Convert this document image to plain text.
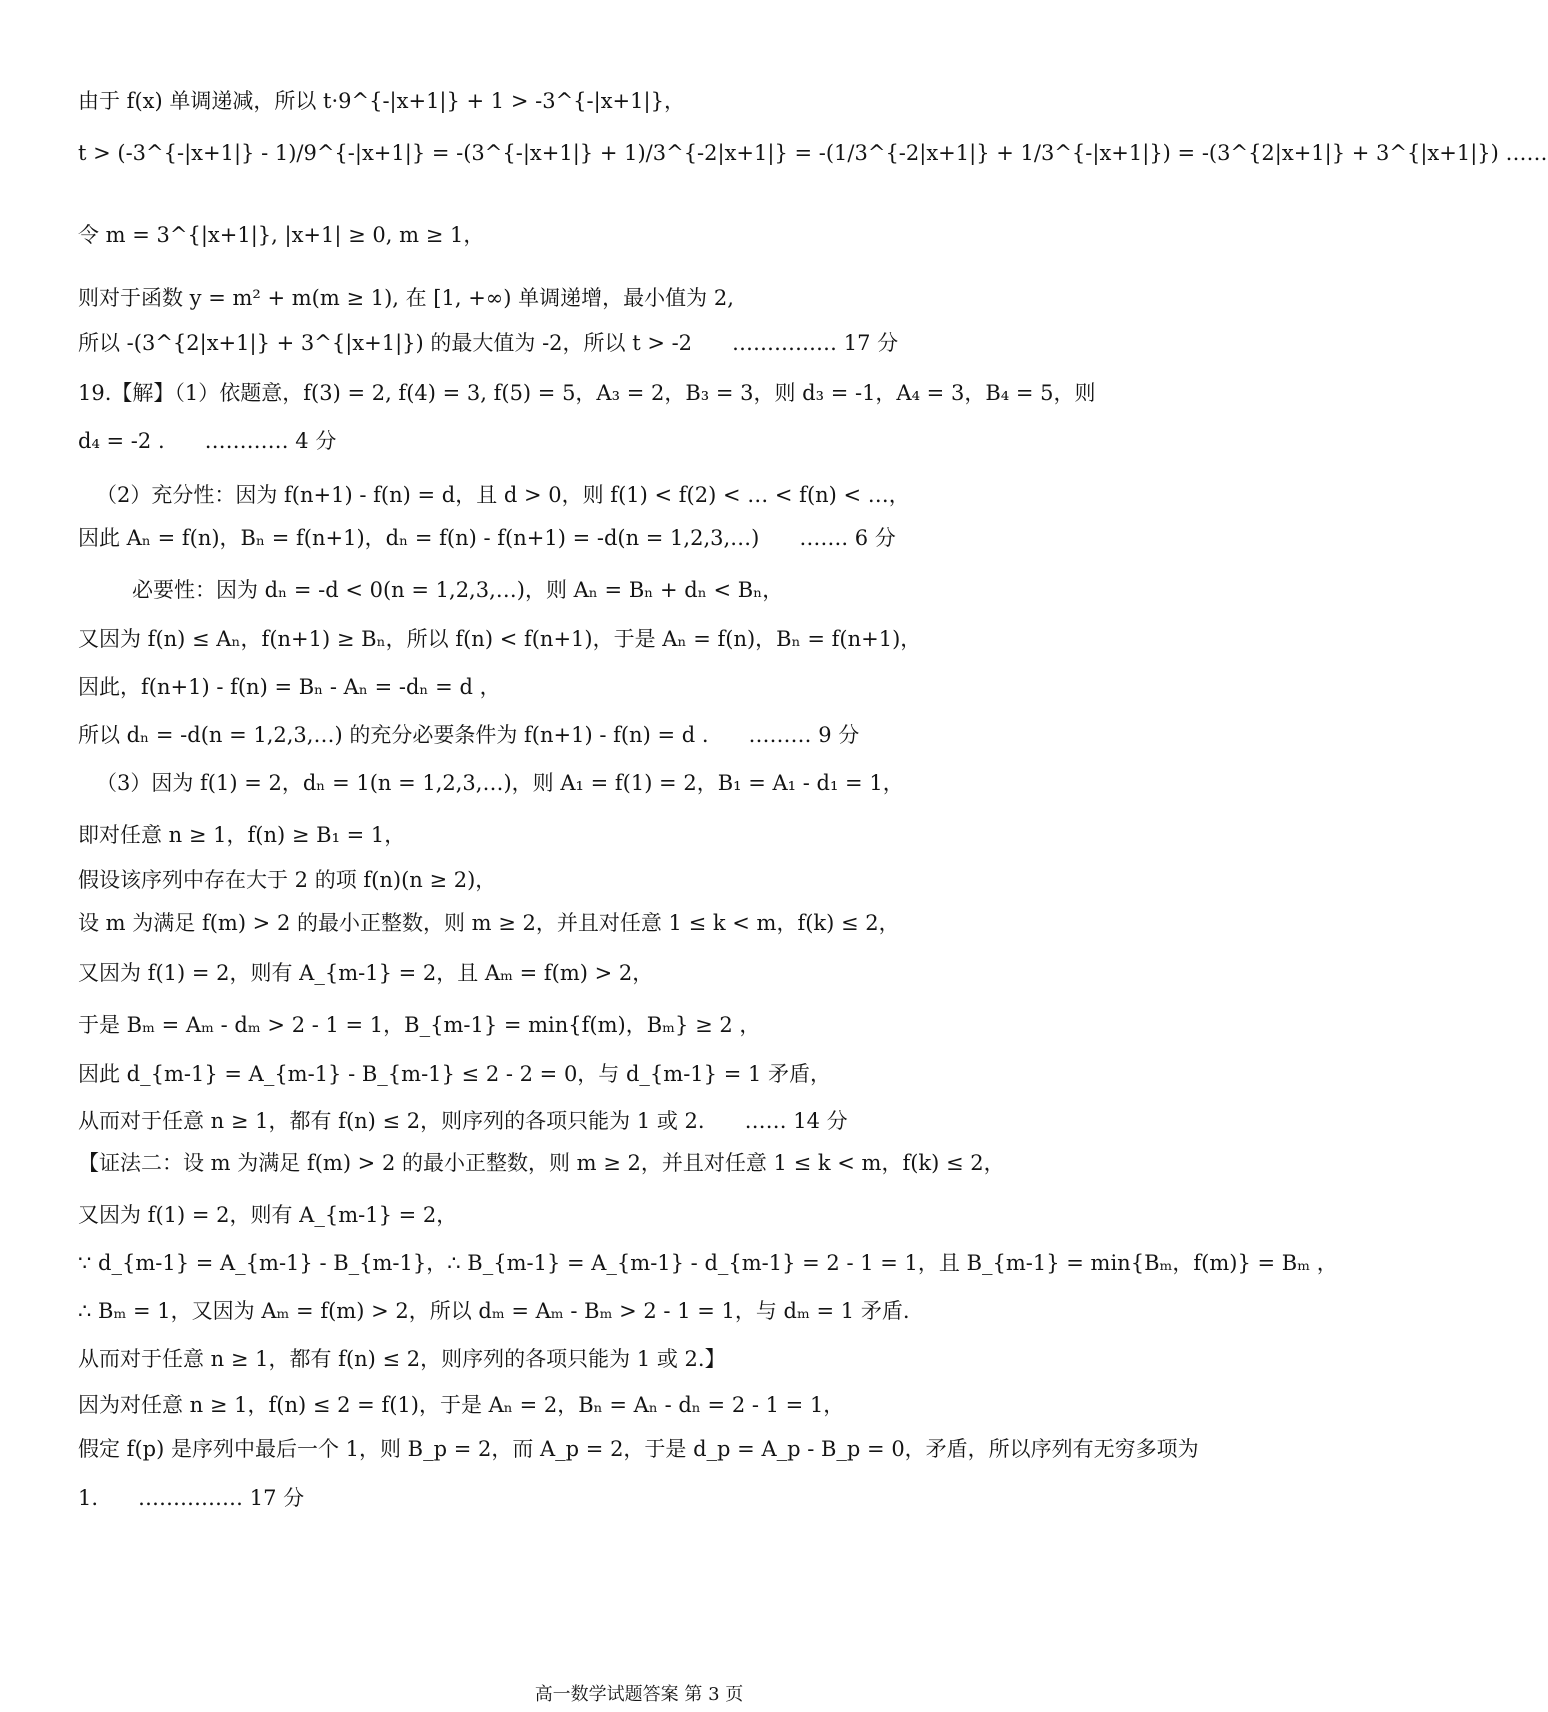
由于 f(x) 单调递减，所以 t·9^{-|x+1|} + 1 > -3^{-|x+1|}，
t > (-3^{-|x+1|} - 1)/9^{-|x+1|} = -(3^{-|x+1|} + 1)/3^{-2|x+1|} = -(1/3^{-2|x+1|} + 1/3^{-|x+1|}) = -(3^{2|x+1|} + 3^{|x+1|}) ……
令 m = 3^{|x+1|}, |x+1| ≥ 0, m ≥ 1，
则对于函数 y = m² + m(m ≥ 1), 在 [1, +∞) 单调递增，最小值为 2,
所以 -(3^{2|x+1|} + 3^{|x+1|}) 的最大值为 -2，所以 t > -2 …………… 17 分
19.【解】（1）依题意，f(3) = 2, f(4) = 3, f(5) = 5，A₃ = 2，B₃ = 3，则 d₃ = -1，A₄ = 3，B₄ = 5，则
d₄ = -2 . ………… 4 分
（2）充分性：因为 f(n+1) - f(n) = d，且 d > 0，则 f(1) < f(2) < … < f(n) < …，
因此 Aₙ = f(n)，Bₙ = f(n+1)，dₙ = f(n) - f(n+1) = -d(n = 1,2,3,…) ……. 6 分
必要性：因为 dₙ = -d < 0(n = 1,2,3,…)，则 Aₙ = Bₙ + dₙ < Bₙ，
又因为 f(n) ≤ Aₙ，f(n+1) ≥ Bₙ，所以 f(n) < f(n+1)，于是 Aₙ = f(n)，Bₙ = f(n+1)，
因此，f(n+1) - f(n) = Bₙ - Aₙ = -dₙ = d ，
所以 dₙ = -d(n = 1,2,3,…) 的充分必要条件为 f(n+1) - f(n) = d . ……… 9 分
（3）因为 f(1) = 2，dₙ = 1(n = 1,2,3,…)，则 A₁ = f(1) = 2，B₁ = A₁ - d₁ = 1，
即对任意 n ≥ 1，f(n) ≥ B₁ = 1，
假设该序列中存在大于 2 的项 f(n)(n ≥ 2)，
设 m 为满足 f(m) > 2 的最小正整数，则 m ≥ 2，并且对任意 1 ≤ k < m，f(k) ≤ 2，
又因为 f(1) = 2，则有 A_{m-1} = 2，且 Aₘ = f(m) > 2，
于是 Bₘ = Aₘ - dₘ > 2 - 1 = 1，B_{m-1} = min{f(m)，Bₘ} ≥ 2 ，
因此 d_{m-1} = A_{m-1} - B_{m-1} ≤ 2 - 2 = 0，与 d_{m-1} = 1 矛盾，
从而对于任意 n ≥ 1，都有 f(n) ≤ 2，则序列的各项只能为 1 或 2. …… 14 分
【证法二：设 m 为满足 f(m) > 2 的最小正整数，则 m ≥ 2，并且对任意 1 ≤ k < m，f(k) ≤ 2，
又因为 f(1) = 2，则有 A_{m-1} = 2，
∵ d_{m-1} = A_{m-1} - B_{m-1}，∴ B_{m-1} = A_{m-1} - d_{m-1} = 2 - 1 = 1，且 B_{m-1} = min{Bₘ，f(m)} = Bₘ ，
∴ Bₘ = 1，又因为 Aₘ = f(m) > 2，所以 dₘ = Aₘ - Bₘ > 2 - 1 = 1，与 dₘ = 1 矛盾.
从而对于任意 n ≥ 1，都有 f(n) ≤ 2，则序列的各项只能为 1 或 2.】
因为对任意 n ≥ 1，f(n) ≤ 2 = f(1)，于是 Aₙ = 2，Bₙ = Aₙ - dₙ = 2 - 1 = 1，
假定 f(p) 是序列中最后一个 1，则 B_p = 2，而 A_p = 2，于是 d_p = A_p - B_p = 0，矛盾，所以序列有无穷多项为
1. …………… 17 分
高一数学试题答案 第 3 页
